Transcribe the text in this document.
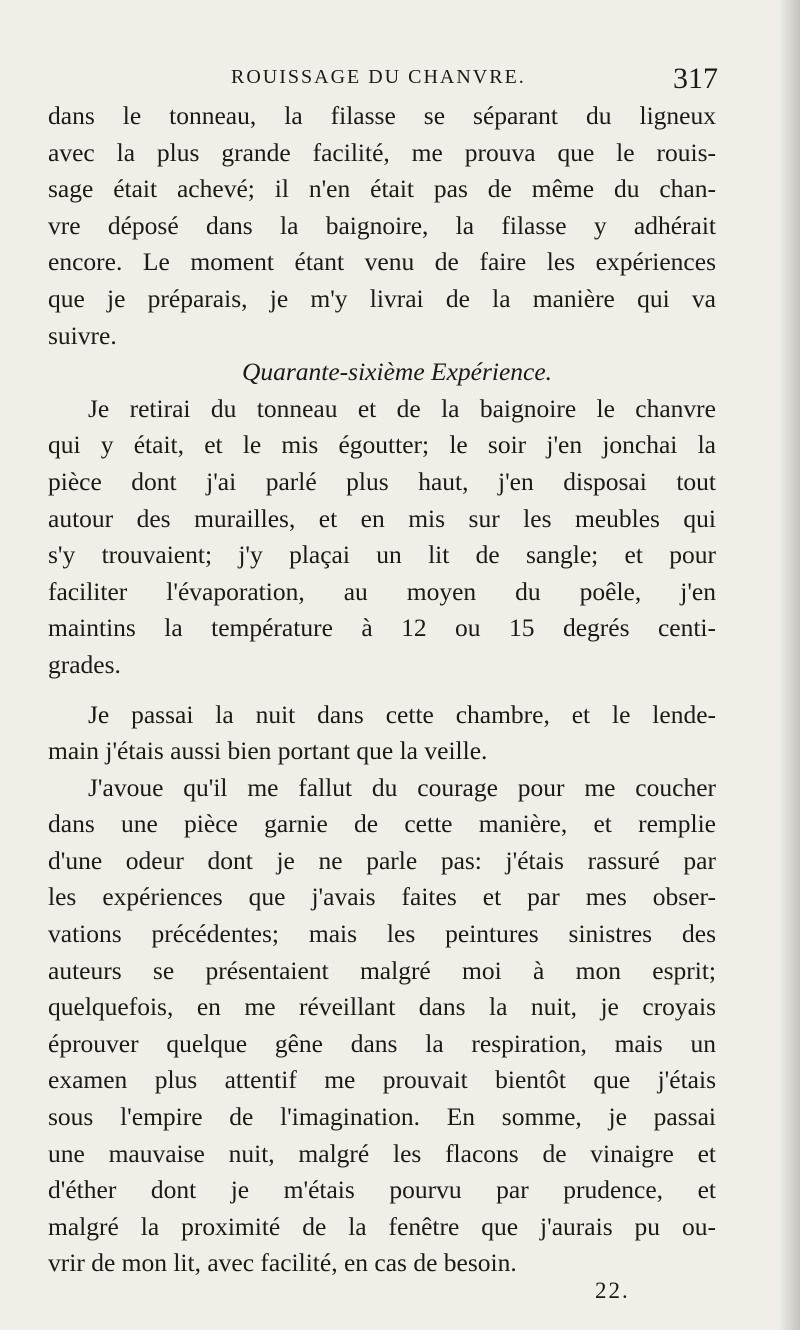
ROUISSAGE DU CHANVRE.	317
dans le tonneau, la filasse se séparant du ligneux
avec la plus grande facilité, me prouva que le rouis-
sage était achevé; il n'en était pas de même du chan-
vre déposé dans la baignoire, la filasse y adhérait
encore. Le moment étant venu de faire les expériences
que je préparais, je m'y livrai de la manière qui va
suivre.
Quarante-sixième Expérience.
Je retirai du tonneau et de la baignoire le chanvre
qui y était, et le mis égoutter; le soir j'en jonchai la
pièce dont j'ai parlé plus haut, j'en disposai tout
autour des murailles, et en mis sur les meubles qui
s'y trouvaient; j'y plaçai un lit de sangle; et pour
faciliter l'évaporation, au moyen du poêle, j'en
maintins la température à 12 ou 15 degrés centi-
grades.
Je passai la nuit dans cette chambre, et le lende-
main j'étais aussi bien portant que la veille.
J'avoue qu'il me fallut du courage pour me coucher
dans une pièce garnie de cette manière, et remplie
d'une odeur dont je ne parle pas: j'étais rassuré par
les expériences que j'avais faites et par mes obser-
vations précédentes; mais les peintures sinistres des
auteurs se présentaient malgré moi à mon esprit;
quelquefois, en me réveillant dans la nuit, je croyais
éprouver quelque gêne dans la respiration, mais un
examen plus attentif me prouvait bientôt que j'étais
sous l'empire de l'imagination. En somme, je passai
une mauvaise nuit, malgré les flacons de vinaigre et
d'éther dont je m'étais pourvu par prudence, et
malgré la proximité de la fenêtre que j'aurais pu ou-
vrir de mon lit, avec facilité, en cas de besoin.
22.
